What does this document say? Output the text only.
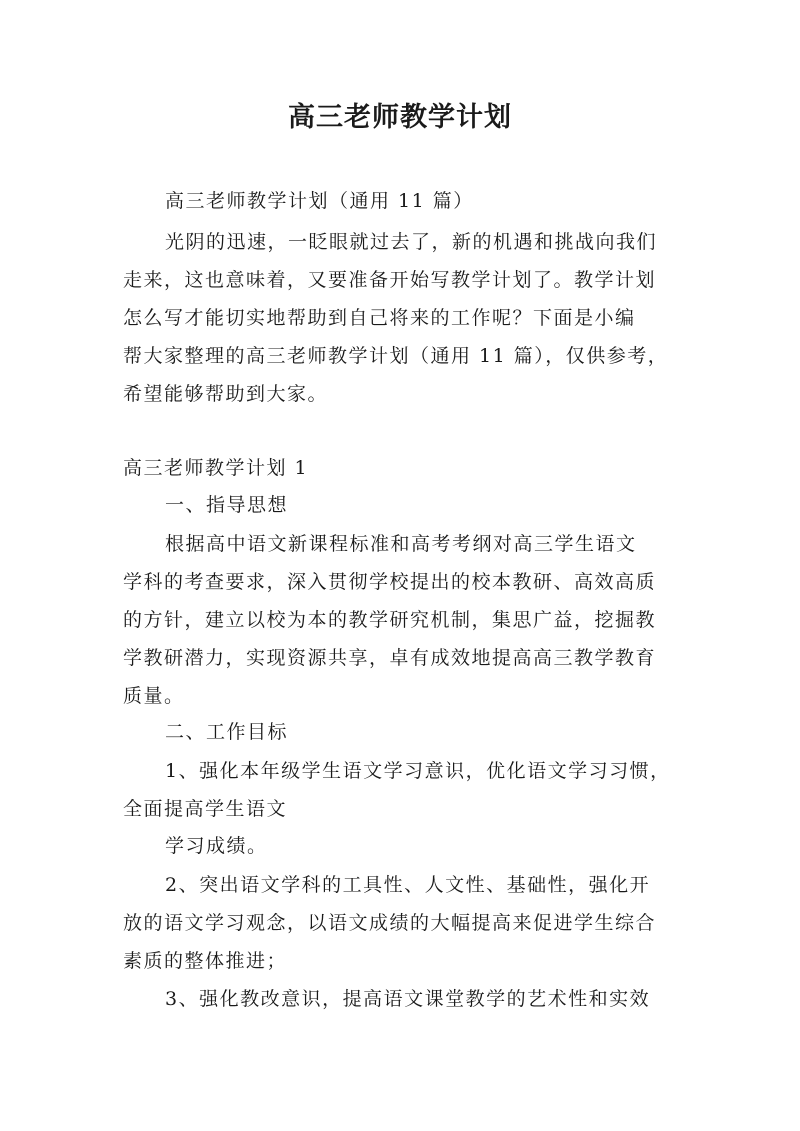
高三老师教学计划
高三老师教学计划（通用 11 篇）
光阴的迅速，一眨眼就过去了，新的机遇和挑战向我们
走来，这也意味着，又要准备开始写教学计划了。教学计划
怎么写才能切实地帮助到自己将来的工作呢？下面是小编
帮大家整理的高三老师教学计划（通用 11 篇），仅供参考，
希望能够帮助到大家。
高三老师教学计划 1
一、指导思想
根据高中语文新课程标准和高考考纲对高三学生语文
学科的考查要求，深入贯彻学校提出的校本教研、高效高质
的方针，建立以校为本的教学研究机制，集思广益，挖掘教
学教研潜力，实现资源共享，卓有成效地提高高三教学教育
质量。
二、工作目标
1、强化本年级学生语文学习意识，优化语文学习习惯，
全面提高学生语文
学习成绩。
2、突出语文学科的工具性、人文性、基础性，强化开
放的语文学习观念，以语文成绩的大幅提高来促进学生综合
素质的整体推进；
3、强化教改意识，提高语文课堂教学的艺术性和实效
